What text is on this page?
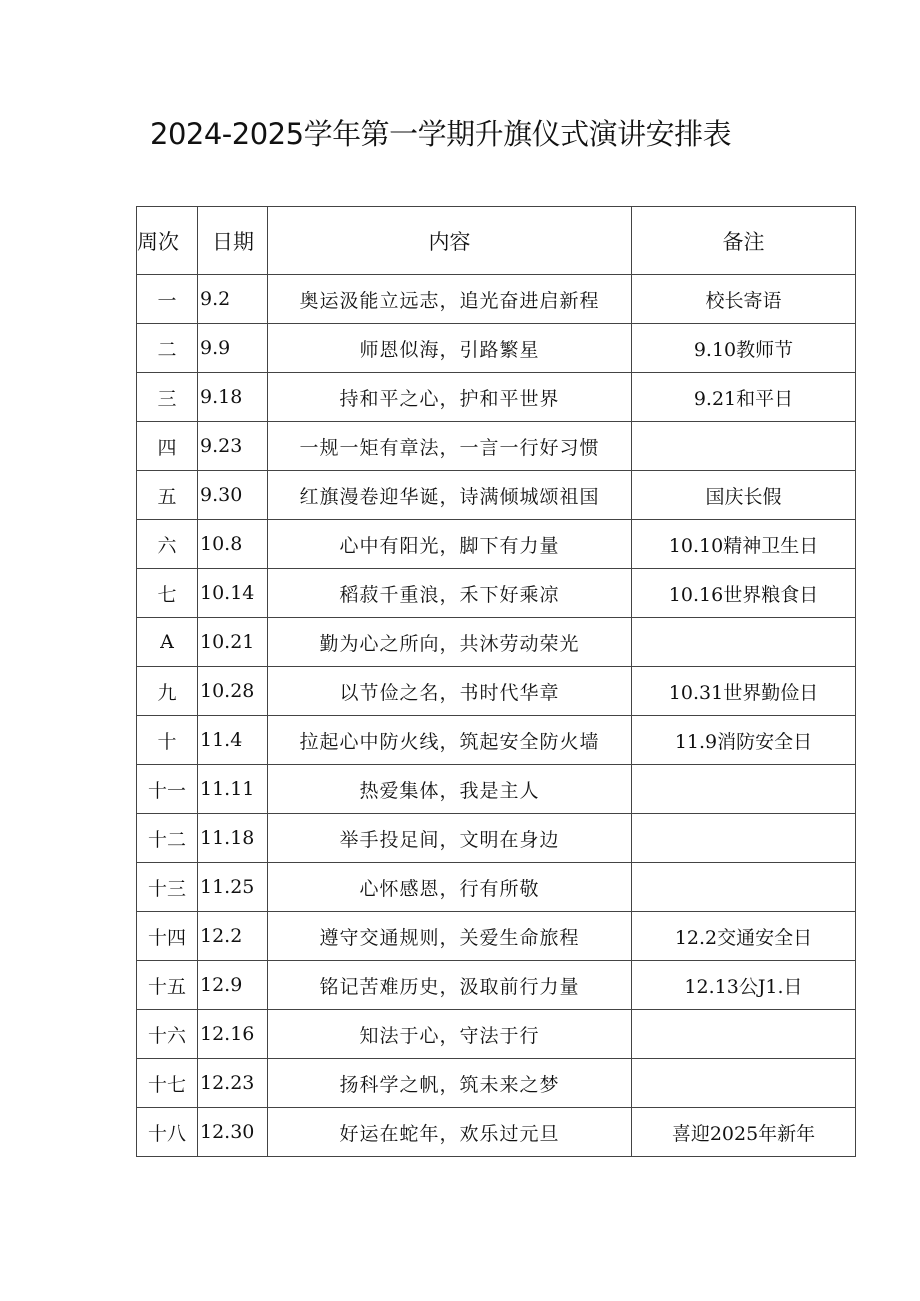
2024-2025学年第一学期升旗仪式演讲安排表
周次	日期	内容	备注
一	9.2	奥运汲能立远志，追光奋进启新程	校长寄语
二	9.9	师恩似海，引路繁星	9.10教师节
三	9.18	持和平之心，护和平世界	9.21和平日
四	9.23	一规一矩有章法，一言一行好习惯	
五	9.30	红旗漫卷迎华诞，诗满倾城颂祖国	国庆长假
六	10.8	心中有阳光，脚下有力量	10.10精神卫生日
七	10.14	稻菽千重浪，禾下好乘凉	10.16世界粮食日
A	10.21	勤为心之所向，共沐劳动荣光	
九	10.28	以节俭之名，书时代华章	10.31世界勤俭日
十	11.4	拉起心中防火线，筑起安全防火墙	11.9消防安全日
十一	11.11	热爱集体，我是主人	
十二	11.18	举手投足间，文明在身边	
十三	11.25	心怀感恩，行有所敬	
十四	12.2	遵守交通规则，关爱生命旅程	12.2交通安全日
十五	12.9	铭记苦难历史，汲取前行力量	12.13公J1.日
十六	12.16	知法于心，守法于行	
十七	12.23	扬科学之帆，筑未来之梦	
十八	12.30	好运在蛇年，欢乐过元旦	喜迎2025年新年
